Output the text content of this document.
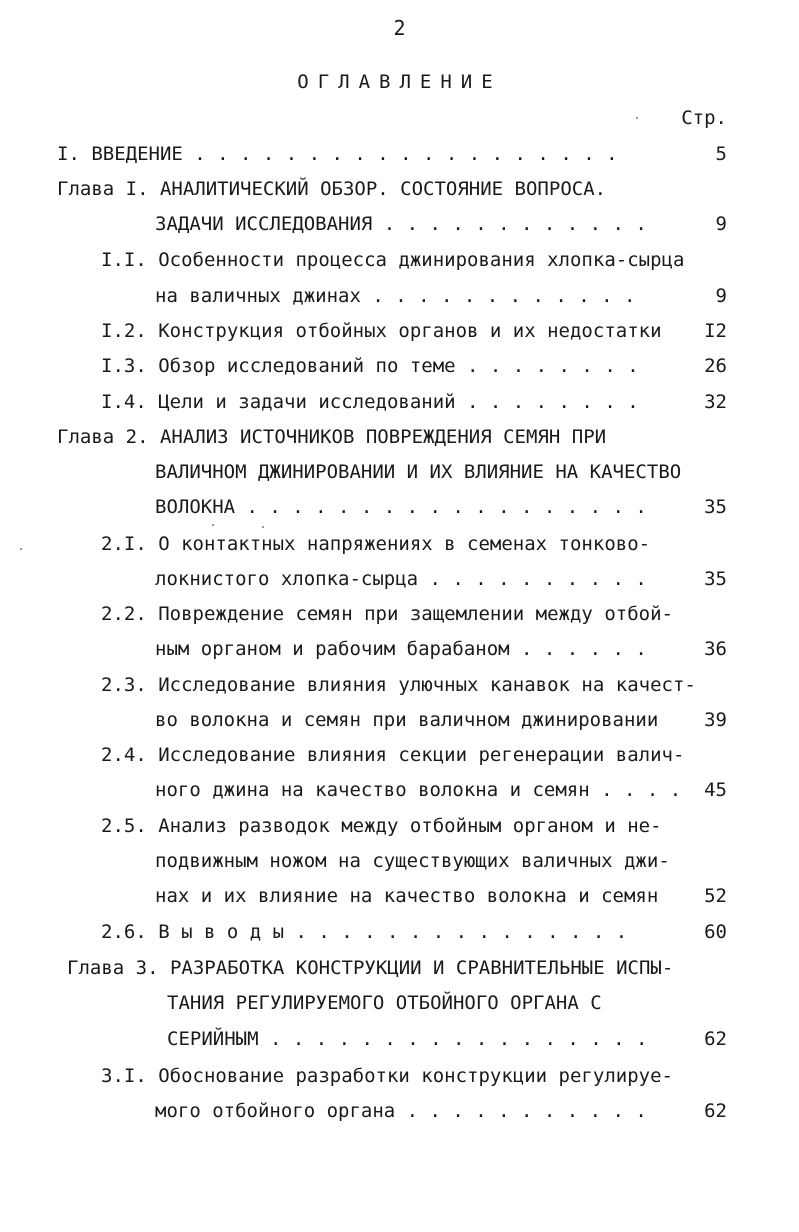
2
ОГЛАВЛЕНИЕ
Стр.
I. ВВЕДЕНИЕ . . . . . . . . . . . . . . . . . . .	5
Глава I. АНАЛИТИЧЕСКИЙ ОБЗОР. СОСТОЯНИЕ ВОПРОСА.
ЗАДАЧИ ИССЛЕДОВАНИЯ . . . . . . . . . . . .	9
I.I. Особенности процесса джинирования хлопка-сырца
на валичных джинах . . . . . . . . . . . .	9
I.2. Конструкция отбойных органов и их недостатки I2
I.3. Обзор исследований по теме . . . . . . . .	26
I.4. Цели и задачи исследований . . . . . . . .	32
Глава 2. АНАЛИЗ ИСТОЧНИКОВ ПОВРЕЖДЕНИЯ СЕМЯН ПРИ
ВАЛИЧНОМ ДЖИНИРОВАНИИ И ИХ ВЛИЯНИЕ НА КАЧЕСТВО
ВОЛОКНА . . . . . . . . . . . . . . . . . .	35
2.I. О контактных напряжениях в семенах тонково-
локнистого хлопка-сырца . . . . . . . . . .	35
2.2. Повреждение семян при защемлении между отбой-
ным органом и рабочим барабаном . . . . . .	36
2.3. Исследование влияния улючных канавок на качест-
во волокна и семян при валичном джинировании 39
2.4. Исследование влияния секции регенерации валич-
ного джина на качество волокна и семян . . . . 45
2.5. Анализ разводок между отбойным органом и не-
подвижным ножом на существующих валичных джи-
нах и их влияние на качество волокна и семян 52
2.6. В ы в о д ы . . . . . . . . . . . . . . .	60
Глава 3. РАЗРАБОТКА КОНСТРУКЦИИ И СРАВНИТЕЛЬНЫЕ ИСПЫ-
ТАНИЯ РЕГУЛИРУЕМОГО ОТБОЙНОГО ОРГАНА С
СЕРИЙНЫМ . . . . . . . . . . . . . . . . .	62
3.I. Обоснование разработки конструкции регулируе-
мого отбойного органа . . . . . . . . . . .	62
